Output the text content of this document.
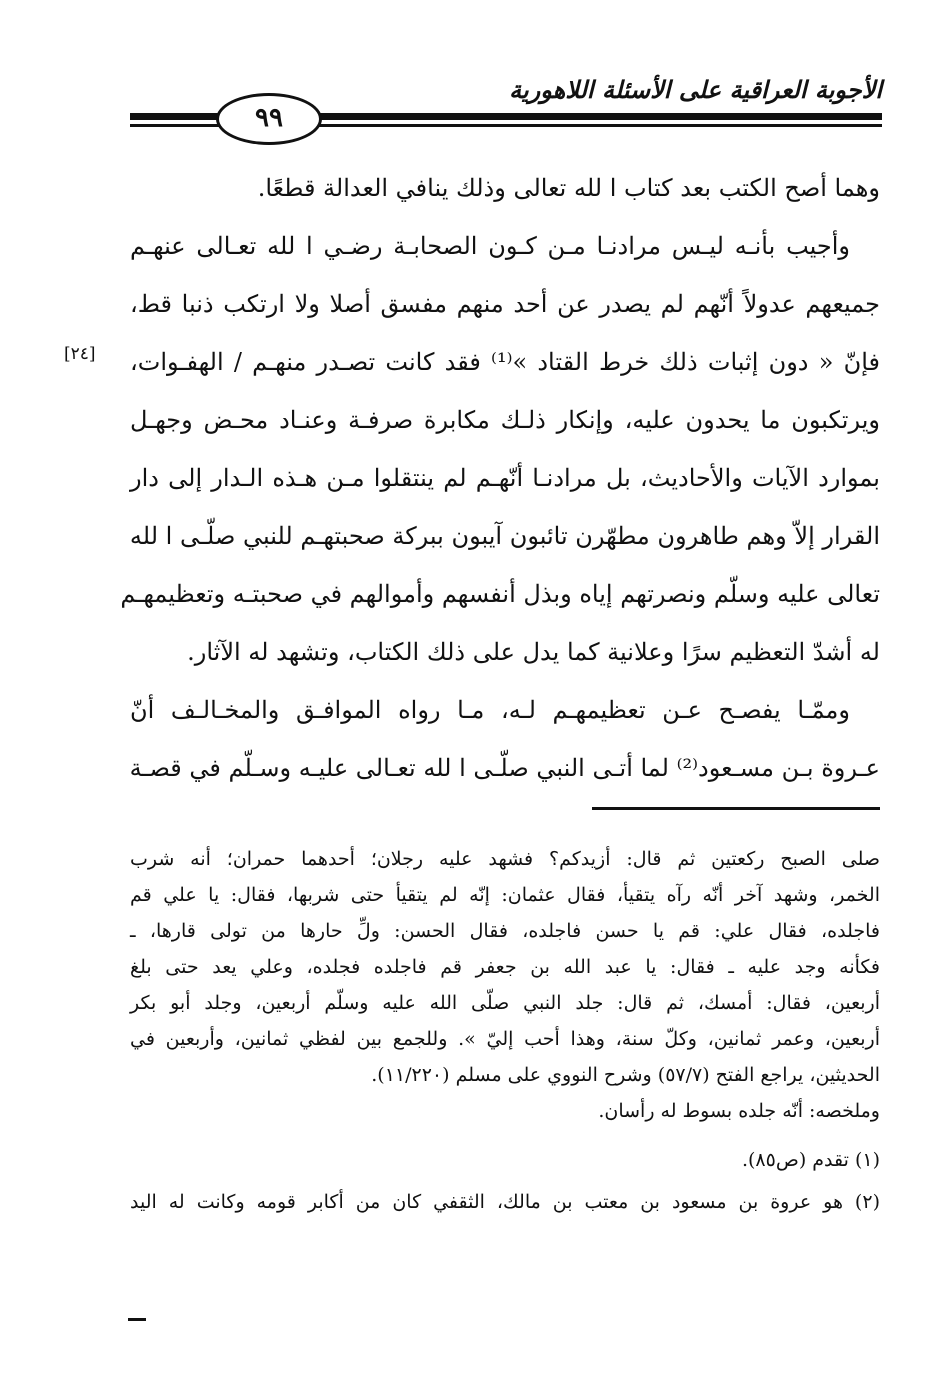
الأجوبة العراقية على الأسئلة اللاهورية
٩٩
وهما أصح الكتب بعد كتاب ا لله تعالى وذلك ينافي العدالة قطعًا.
وأجيب بأنـه ليـس مرادنـا مـن كـون الصحابـة رضـي ا لله تعـالى عنهـم
جميعهم عدولاً أنّهم لم يصدر عن أحد منهم مفسق أصلا ولا ارتكب ذنبا قط،
فإنّ « دون إثبات ذلك خرط القتاد »⁽¹⁾ فقد كانت تصـدر منهـم / الهفـوات،
ويرتكبون ما يحدون عليه، وإنكار ذلـك مكابرة صرفـة وعنـاد محـض وجهـل
بموارد الآيات والأحاديث، بل مرادنـا أنّهـم لم ينتقلوا مـن هـذه الـدار إلى دار
القرار إلاّ وهم طاهرون مطهّرن تائبون آيبون ببركة صحبتهـم للنبي صلّـى ا لله
تعالى عليه وسلّم ونصرتهم إياه وبذل أنفسهم وأموالهم في صحبتـه وتعظيمهـم
له أشدّ التعظيم سرًا وعلانية كما يدل على ذلك الكتاب، وتشهد له الآثار.
وممّـا يفصـح عـن تعظيمهـم لـه، مـا رواه الموافـق والمخـالـف أنّ
عـروة بـن مسـعود⁽²⁾ لما أتـى النبي صلّـى ا لله تعـالى عليـه وسـلّم في قصـة
[٢٤]
صلى الصبح ركعتين ثم قال: أزيدكم؟ فشهد عليه رجلان؛ أحدهما حمران؛ أنه شرب
الخمر، وشهد آخر أنّه رآه يتقيأ، فقال عثمان: إنّه لم يتقيأ حتى شربها، فقال: يا علي قم
فاجلده، فقال علي: قم يا حسن فاجلده، فقال الحسن: ولِّ حارها من تولى قارها، ـ
فكأنه وجد عليه ـ فقال: يا عبد الله بن جعفر قم فاجلده فجلده، وعلي يعد حتى بلغ
أربعين، فقال: أمسك، ثم قال: جلد النبي صلّى الله عليه وسلّم أربعين، وجلد أبو بكر
أربعين، وعمر ثمانين، وكلّ سنة، وهذا أحب إليّ ». وللجمع بين لفظي ثمانين، وأربعين في
الحديثين، يراجع الفتح (٥٧/٧) وشرح النووي على مسلم (١١/٢٢٠).
وملخصه: أنّه جلده بسوط له رأسان.
(١) تقدم (ص٨٥).
(٢) هو عروة بن مسعود بن معتب بن مالك، الثقفي كان من أكابر قومه وكانت له اليد
